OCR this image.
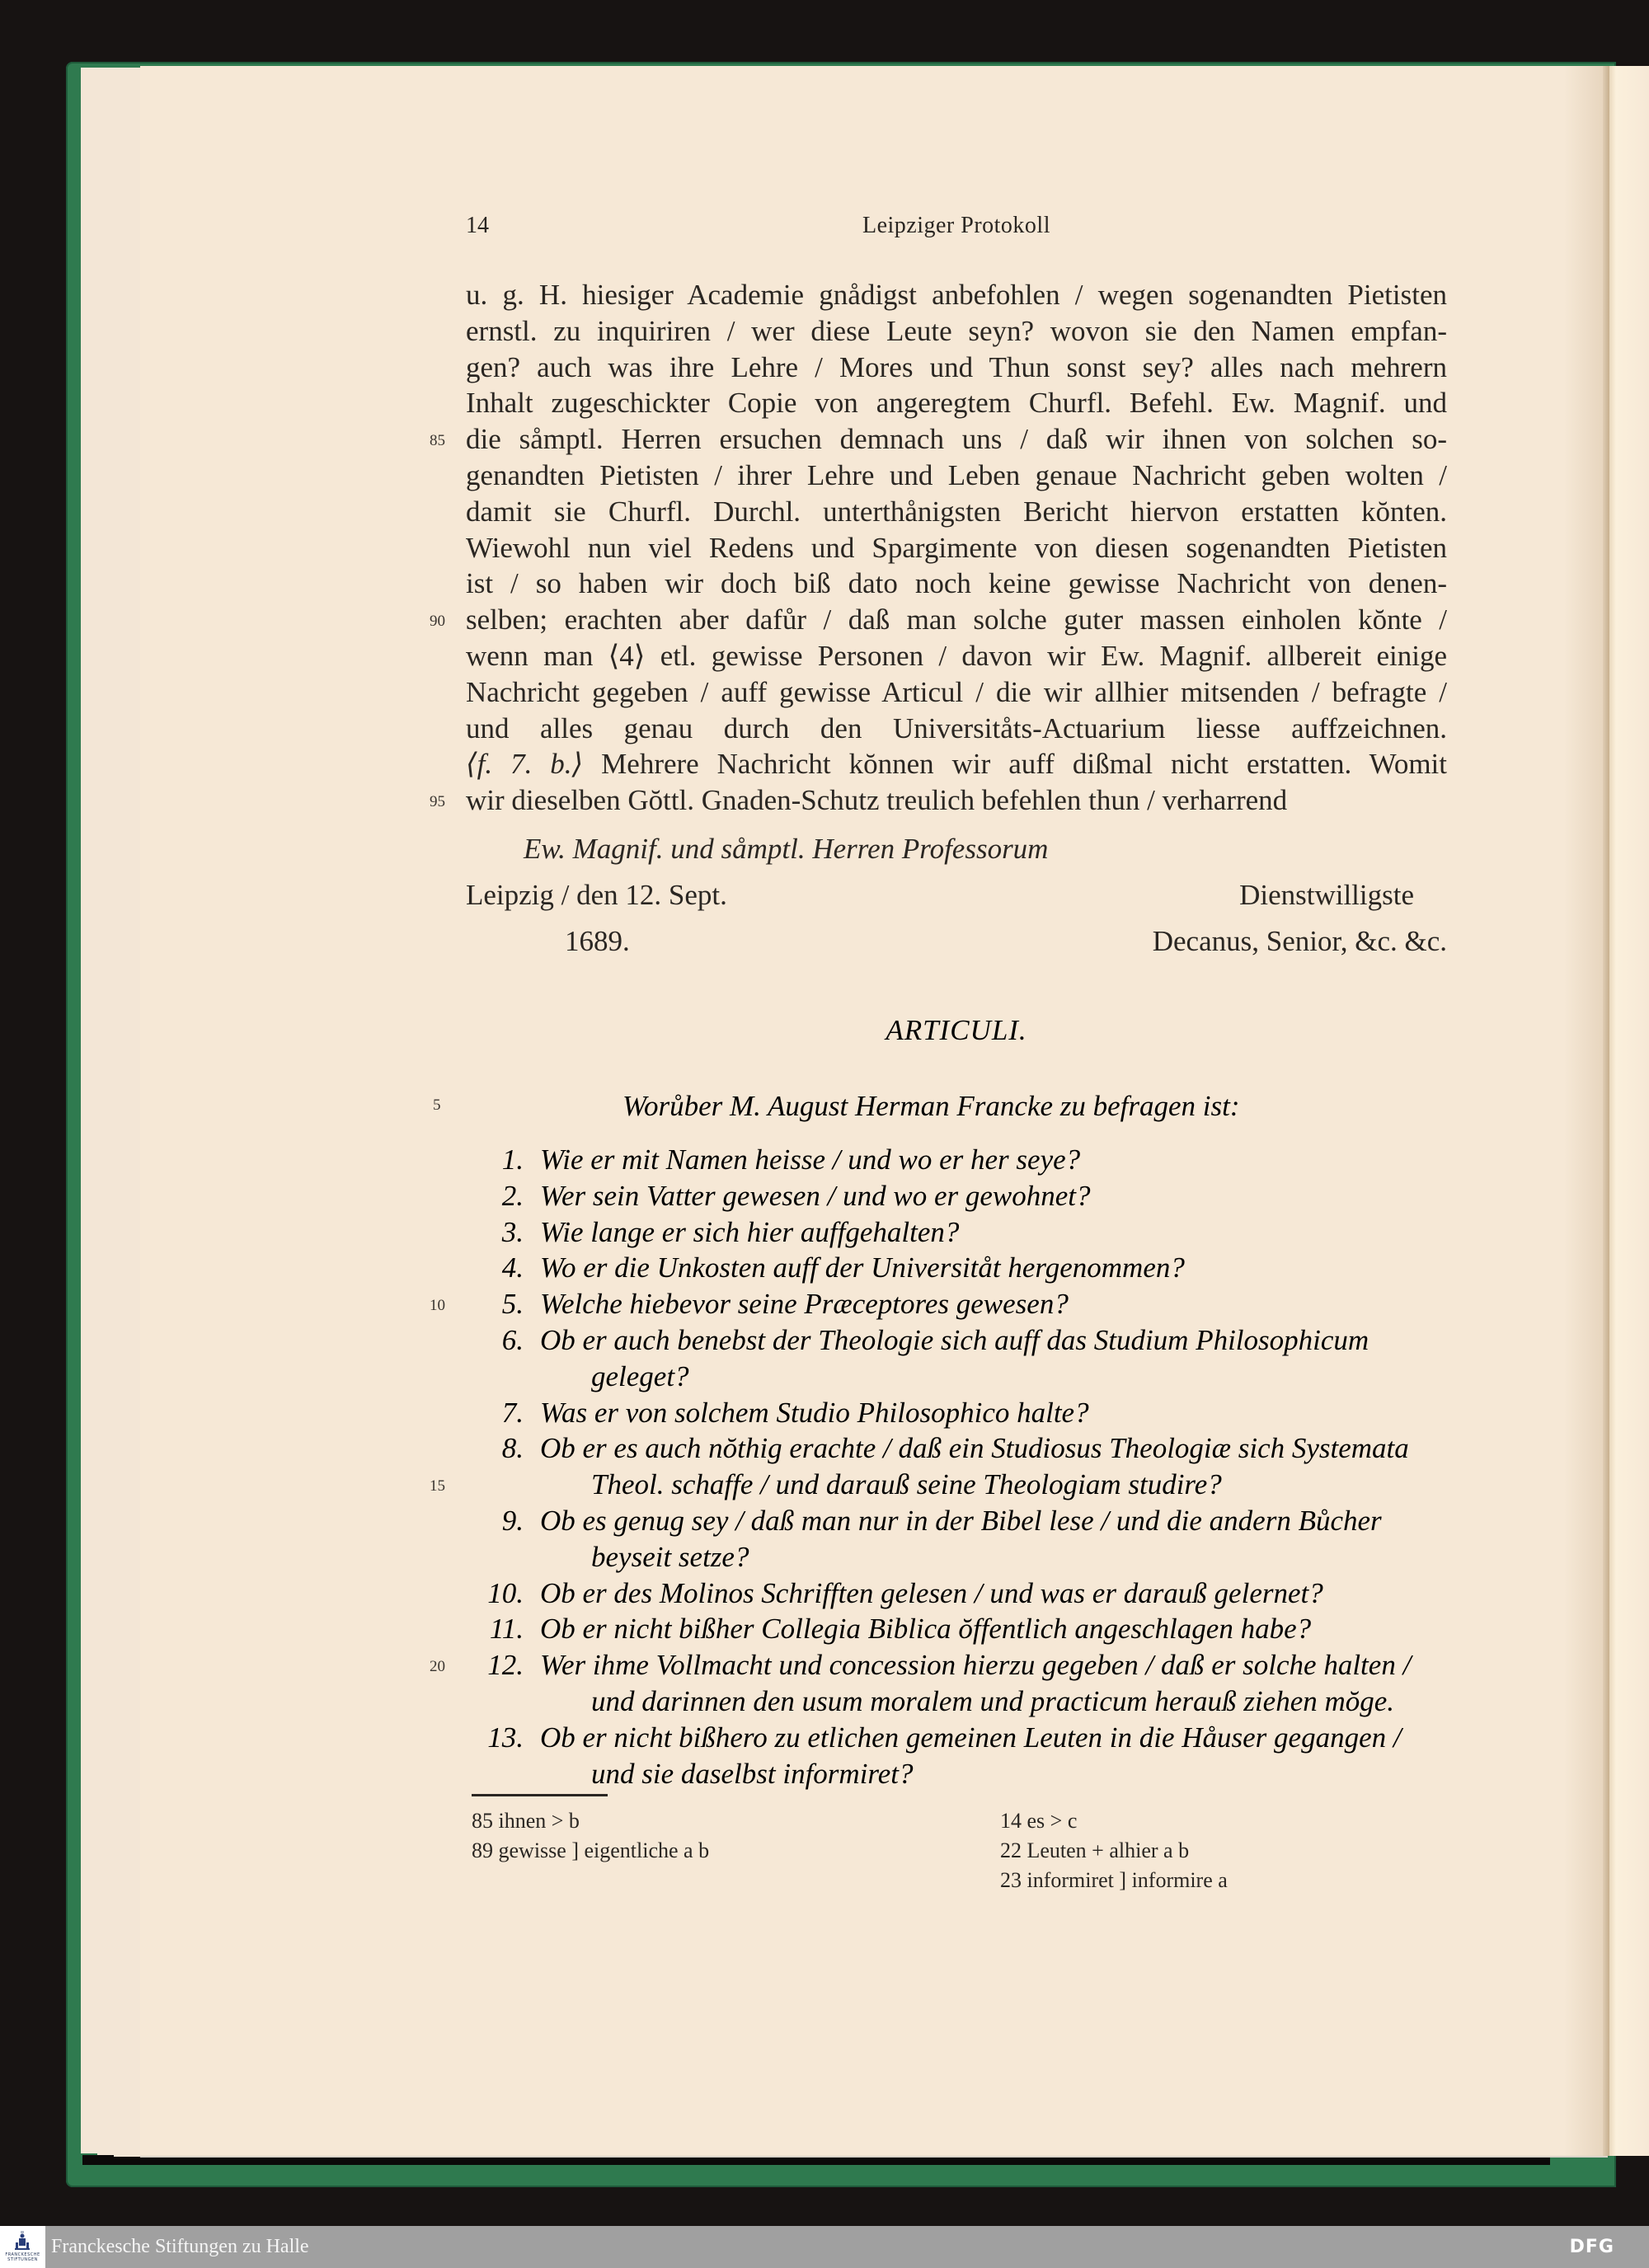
14	Leipziger Protokoll
u. g. H. hiesiger Academie gnådigst anbefohlen / wegen sogenandten Pietisten
ernstl. zu inquiriren / wer diese Leute seyn? wovon sie den Namen empfan-
gen? auch was ihre Lehre / Mores und Thun sonst sey? alles nach mehrern
Inhalt zugeschickter Copie von angeregtem Churfl. Befehl. Ew. Magnif. und
85 die såmptl. Herren ersuchen demnach uns / daß wir ihnen von solchen so-
genandten Pietisten / ihrer Lehre und Leben genaue Nachricht geben wolten /
damit sie Churfl. Durchl. unterthånigsten Bericht hiervon erstatten kŏnten.
Wiewohl nun viel Redens und Spargimente von diesen sogenandten Pietisten
ist / so haben wir doch biß dato noch keine gewisse Nachricht von denen-
90 selben; erachten aber dafůr / daß man solche guter massen einholen kŏnte /
wenn man ⟨4⟩ etl. gewisse Personen / davon wir Ew. Magnif. allbereit einige
Nachricht gegeben / auff gewisse Articul / die wir allhier mitsenden / befragte /
und alles genau durch den Universitåts-Actuarium liesse auffzeichnen.
⟨f. 7. b.⟩ Mehrere Nachricht kŏnnen wir auff dißmal nicht erstatten. Womit
95 wir dieselben Gŏttl. Gnaden-Schutz treulich befehlen thun / verharrend
Ew. Magnif. und såmptl. Herren Professorum
Leipzig / den 12. Sept.	Dienstwilligste
1689.	Decanus, Senior, &c. &c.
ARTICULI.
5	Worůber M. August Herman Francke zu befragen ist:
1. Wie er mit Namen heisse / und wo er her seye?
2. Wer sein Vatter gewesen / und wo er gewohnet?
3. Wie lange er sich hier auffgehalten?
4. Wo er die Unkosten auff der Universitåt hergenommen?
10	5. Welche hiebevor seine Præceptores gewesen?
6. Ob er auch benebst der Theologie sich auff das Studium Philosophicum
geleget?
7. Was er von solchem Studio Philosophico halte?
8. Ob er es auch nŏthig erachte / daß ein Studiosus Theologiæ sich Systemata
15	Theol. schaffe / und darauß seine Theologiam studire?
9. Ob es genug sey / daß man nur in der Bibel lese / und die andern Bůcher
beyseit setze?
10. Ob er des Molinos Schrifften gelesen / und was er darauß gelernet?
11. Ob er nicht bißher Collegia Biblica ŏffentlich angeschlagen habe?
20	12. Wer ihme Vollmacht und concession hierzu gegeben / daß er solche halten /
und darinnen den usum moralem und practicum herauß ziehen mŏge.
13. Ob er nicht bißhero zu etlichen gemeinen Leuten in die Håuser gegangen /
und sie daselbst informiret?
85 ihnen > b
89 gewisse ] eigentliche a b
14 es > c
22 Leuten + alhier a b
23 informiret ] informire a
FRANCKESCHE
STIFTUNGEN
Franckesche Stiftungen zu Halle	DFG
